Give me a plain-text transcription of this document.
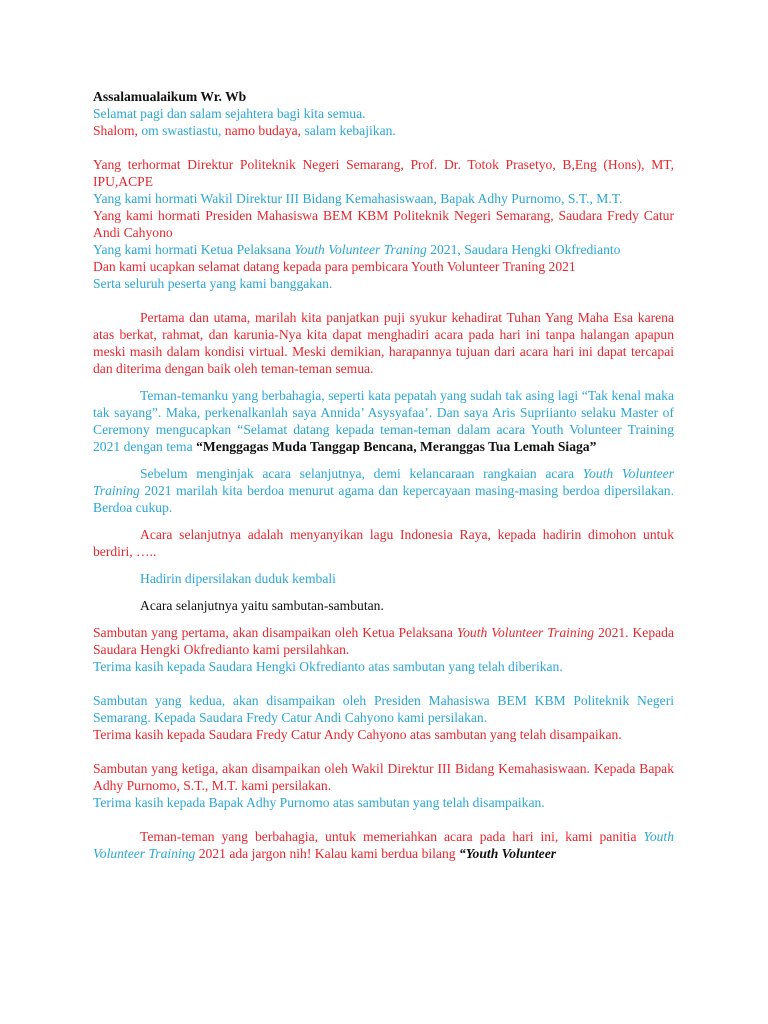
Assalamualaikum Wr. Wb

Selamat pagi dan salam sejahtera bagi kita semua.

Shalom, om swastiastu, namo budaya, salam kebajikan.

Yang terhormat Direktur Politeknik Negeri Semarang, Prof. Dr. Totok Prasetyo, B,Eng (Hons), MT, IPU,ACPE

Yang kami hormati Wakil Direktur III Bidang Kemahasiswaan, Bapak Adhy Purnomo, S.T., M.T.

Yang kami hormati Presiden Mahasiswa BEM KBM Politeknik Negeri Semarang, Saudara Fredy Catur Andi Cahyono

Yang kami hormati Ketua Pelaksana Youth Volunteer Traning 2021, Saudara Hengki Okfredianto

Dan kami ucapkan selamat datang kepada para pembicara Youth Volunteer Traning 2021

Serta seluruh peserta yang kami banggakan.

Pertama dan utama, marilah kita panjatkan puji syukur kehadirat Tuhan Yang Maha Esa karena atas berkat, rahmat, dan karunia-Nya kita dapat menghadiri acara pada hari ini tanpa halangan apapun meski masih dalam kondisi virtual. Meski demikian, harapannya tujuan dari acara hari ini dapat tercapai dan diterima dengan baik oleh teman-teman semua.

Teman-temanku yang berbahagia, seperti kata pepatah yang sudah tak asing lagi “Tak kenal maka tak sayang”. Maka, perkenalkanlah saya Annida’ Asysyafaa’. Dan saya Aris Supriianto selaku Master of Ceremony mengucapkan “Selamat datang kepada teman-teman dalam acara Youth Volunteer Training 2021 dengan tema “Menggagas Muda Tanggap Bencana, Meranggas Tua Lemah Siaga”

Sebelum menginjak acara selanjutnya, demi kelancaraan rangkaian acara Youth Volunteer Training 2021 marilah kita berdoa menurut agama dan kepercayaan masing-masing berdoa dipersilakan. Berdoa cukup.

Acara selanjutnya adalah menyanyikan lagu Indonesia Raya, kepada hadirin dimohon untuk berdiri, …..

Hadirin dipersilakan duduk kembali

Acara selanjutnya yaitu sambutan-sambutan.

Sambutan yang pertama, akan disampaikan oleh Ketua Pelaksana Youth Volunteer Training 2021. Kepada Saudara Hengki Okfredianto kami persilahkan.

Terima kasih kepada Saudara Hengki Okfredianto atas sambutan yang telah diberikan.

Sambutan yang kedua, akan disampaikan oleh Presiden Mahasiswa BEM KBM Politeknik Negeri Semarang. Kepada Saudara Fredy Catur Andi Cahyono kami persilakan.

Terima kasih kepada Saudara Fredy Catur Andy Cahyono atas sambutan yang telah disampaikan.

Sambutan yang ketiga, akan disampaikan oleh Wakil Direktur III Bidang Kemahasiswaan. Kepada Bapak Adhy Purnomo, S.T., M.T. kami persilakan.

Terima kasih kepada Bapak Adhy Purnomo atas sambutan yang telah disampaikan.

Teman-teman yang berbahagia, untuk memeriahkan acara pada hari ini, kami panitia Youth Volunteer Training 2021 ada jargon nih! Kalau kami berdua bilang “Youth Volunteer
